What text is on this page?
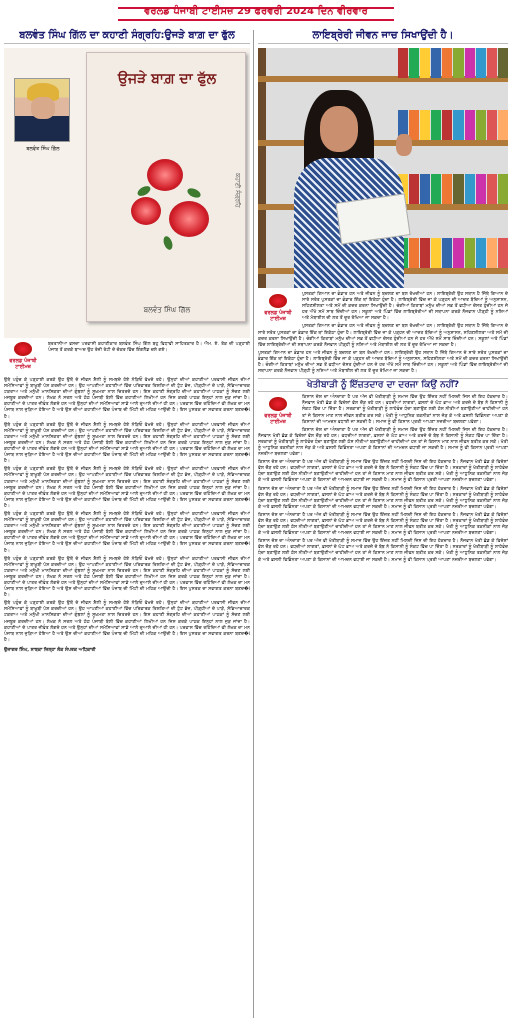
ਵਰਲਡ ਪੰਜਾਬੀ ਟਾਈਮਜ਼ 29 ਫਰਵਰੀ 2024 ਦਿਨ ਵੀਰਵਾਰ
ਬਲਵੰਤ ਸਿੰਘ ਗਿੱਲ ਦਾ ਕਹਾਣੀ ਸੰਗ੍ਰਹਿ:ਉਜੜੇ ਬਾਗ਼ ਦਾ ਫੁੱਲ
ਬਲਵੰਤ ਸਿੰਘ ਗਿੱਲ
ਉਜੜੇ ਬਾਗ਼ ਦਾ ਫੁੱਲ
ਕਹਾਣੀ ਸੰਗ੍ਰਹਿ
ਬਲਵੰਤ ਸਿੰਘ ਗਿੱਲ
ਵਰਲਡ ਪੰਜਾਬੀ ਟਾਈਮਜ਼

ਬਰਤਾਨੀਆ ਵਸਦਾ ਪਰਵਾਸੀ ਕਹਾਣੀਕਾਰ ਬਲਵੰਤ ਸਿੰਘ ਗਿੱਲ ਬਹੁ ਵਿਧਾਵੀ ਸਾਹਿਤਕਾਰ ਹੈ। ਐਮ. ਏ. ਤੱਕ ਦੀ ਪੜ੍ਹਾਈ ਪੰਜਾਬ ਤੋਂ ਕਰਕੇ ਬਾਅਦ ਉਹ ਰੋਜ਼ੀ ਰੋਟੀ ਦੇ ਚੱਕਰ ਵਿੱਚ ਇੰਗਲੈਂਡ ਚਲੇ ਗਏ।

ਉਥੇ ਪਹੁੰਚ ਕੇ ਪੜ੍ਹਾਈ ਕਰਕੇ ਉਹ ਉਥੋਂ ਦੇ ਜੀਵਨ ਸ਼ੈਲੀ ਨੂੰ ਸਮਝਦੇ ਹੋਏ ਨੇੜਿਓਂ ਵੇਖਦੇ ਰਹੇ। ਉਨ੍ਹਾਂ ਦੀਆਂ ਕਹਾਣੀਆਂ ਪਰਵਾਸੀ ਜੀਵਨ ਦੀਆਂ ਸਮੱਸਿਆਵਾਂ ਨੂੰ ਬਾਖ਼ੂਬੀ ਪੇਸ਼ ਕਰਦੀਆਂ ਹਨ। ਉਹ ਆਪਣੀਆਂ ਕਹਾਣੀਆਂ ਵਿੱਚ ਪਰਿਵਾਰਕ ਰਿਸ਼ਤਿਆਂ ਦੀ ਟੁੱਟ ਭੱਜ, ਪੀੜ੍ਹੀਆਂ ਦੇ ਪਾੜੇ, ਸੱਭਿਆਚਾਰਕ ਟਕਰਾਅ ਅਤੇ ਮਨੁੱਖੀ ਮਾਨਸਿਕਤਾ ਦੀਆਂ ਗੁੰਝਲਾਂ ਨੂੰ ਸੂਖ਼ਮਤਾ ਨਾਲ ਚਿਤਰਦੇ ਹਨ। ਇਸ ਕਹਾਣੀ ਸੰਗ੍ਰਹਿ ਦੀਆਂ ਕਹਾਣੀਆਂ ਪਾਠਕਾਂ ਨੂੰ ਸੋਚਣ ਲਈ ਮਜਬੂਰ ਕਰਦੀਆਂ ਹਨ। ਲੇਖਕ ਨੇ ਸਰਲ ਅਤੇ ਠੇਠ ਪੰਜਾਬੀ ਬੋਲੀ ਵਿੱਚ ਕਹਾਣੀਆਂ ਲਿਖੀਆਂ ਹਨ ਜਿਸ ਕਰਕੇ ਪਾਠਕ ਇਨ੍ਹਾਂ ਨਾਲ ਜੁੜ ਜਾਂਦਾ ਹੈ। ਕਹਾਣੀਆਂ ਦੇ ਪਾਤਰ ਜੀਵੰਤ ਲੱਗਦੇ ਹਨ ਅਤੇ ਉਨ੍ਹਾਂ ਦੀਆਂ ਸਮੱਸਿਆਵਾਂ ਸਾਡੇ ਆਲੇ ਦੁਆਲੇ ਦੀਆਂ ਹੀ ਹਨ। ਪਰਵਾਸ ਵਿੱਚ ਰਹਿੰਦਿਆਂ ਵੀ ਲੇਖਕ ਦਾ ਮਨ ਪੰਜਾਬ ਨਾਲ ਜੁੜਿਆ ਹੋਇਆ ਹੈ ਅਤੇ ਉਸ ਦੀਆਂ ਕਹਾਣੀਆਂ ਵਿੱਚ ਪੰਜਾਬ ਦੀ ਮਿੱਟੀ ਦੀ ਮਹਿਕ ਆਉਂਦੀ ਹੈ। ਇਸ ਪੁਸਤਕ ਦਾ ਸਵਾਗਤ ਕਰਨਾ ਬਣਦ�ا ਹੈ।

ਉਥੇ ਪਹੁੰਚ ਕੇ ਪੜ੍ਹਾਈ ਕਰਕੇ ਉਹ ਉਥੋਂ ਦੇ ਜੀਵਨ ਸ਼ੈਲੀ ਨੂੰ ਸਮਝਦੇ ਹੋਏ ਨੇੜਿਓਂ ਵੇਖਦੇ ਰਹੇ। ਉਨ੍ਹਾਂ ਦੀਆਂ ਕਹਾਣੀਆਂ ਪਰਵਾਸੀ ਜੀਵਨ ਦੀਆਂ ਸਮੱਸਿਆਵਾਂ ਨੂੰ ਬਾਖ਼ੂਬੀ ਪੇਸ਼ ਕਰਦੀਆਂ ਹਨ। ਉਹ ਆਪਣੀਆਂ ਕਹਾਣੀਆਂ ਵਿੱਚ ਪਰਿਵਾਰਕ ਰਿਸ਼ਤਿਆਂ ਦੀ ਟੁੱਟ ਭੱਜ, ਪੀੜ੍ਹੀਆਂ ਦੇ ਪਾੜੇ, ਸੱਭਿਆਚਾਰਕ ਟਕਰਾਅ ਅਤੇ ਮਨੁੱਖੀ ਮਾਨਸਿਕਤਾ ਦੀਆਂ ਗੁੰਝਲਾਂ ਨੂੰ ਸੂਖ਼ਮਤਾ ਨਾਲ ਚਿਤਰਦੇ ਹਨ। ਇਸ ਕਹਾਣੀ ਸੰਗ੍ਰਹਿ ਦੀਆਂ ਕਹਾਣੀਆਂ ਪਾਠਕਾਂ ਨੂੰ ਸੋਚਣ ਲਈ ਮਜਬੂਰ ਕਰਦੀਆਂ ਹਨ। ਲੇਖਕ ਨੇ ਸਰਲ ਅਤੇ ਠੇਠ ਪੰਜਾਬੀ ਬੋਲੀ ਵਿੱਚ ਕਹਾਣੀਆਂ ਲਿਖੀਆਂ ਹਨ ਜਿਸ ਕਰਕੇ ਪਾਠਕ ਇਨ੍ਹਾਂ ਨਾਲ ਜੁੜ ਜਾਂਦਾ ਹੈ। ਕਹਾਣੀਆਂ ਦੇ ਪਾਤਰ ਜੀਵੰਤ ਲੱਗਦੇ ਹਨ ਅਤੇ ਉਨ੍ਹਾਂ ਦੀਆਂ ਸਮੱਸਿਆਵਾਂ ਸਾਡੇ ਆਲੇ ਦੁਆਲੇ ਦੀਆਂ ਹੀ ਹਨ। ਪਰਵਾਸ ਵਿੱਚ ਰਹਿੰਦਿਆਂ ਵੀ ਲੇਖਕ ਦਾ ਮਨ ਪੰਜਾਬ ਨਾਲ ਜੁੜਿਆ ਹੋਇਆ ਹੈ ਅਤੇ ਉਸ ਦੀਆਂ ਕਹਾਣੀਆਂ ਵਿੱਚ ਪੰਜਾਬ ਦੀ ਮਿੱਟੀ ਦੀ ਮਹਿਕ ਆਉਂਦੀ ਹੈ। ਇਸ ਪੁਸਤਕ ਦਾ ਸਵਾਗਤ ਕਰਨਾ ਬਣਦ�ا ਹੈ।

ਉਥੇ ਪਹੁੰਚ ਕੇ ਪੜ੍ਹਾਈ ਕਰਕੇ ਉਹ ਉਥੋਂ ਦੇ ਜੀਵਨ ਸ਼ੈਲੀ ਨੂੰ ਸਮਝਦੇ ਹੋਏ ਨੇੜਿਓਂ ਵੇਖਦੇ ਰਹੇ। ਉਨ੍ਹਾਂ ਦੀਆਂ ਕਹਾਣੀਆਂ ਪਰਵਾਸੀ ਜੀਵਨ ਦੀਆਂ ਸਮੱਸਿਆਵਾਂ ਨੂੰ ਬਾਖ਼ੂਬੀ ਪੇਸ਼ ਕਰਦੀਆਂ ਹਨ। ਉਹ ਆਪਣੀਆਂ ਕਹਾਣੀਆਂ ਵਿੱਚ ਪਰਿਵਾਰਕ ਰਿਸ਼ਤਿਆਂ ਦੀ ਟੁੱਟ ਭੱਜ, ਪੀੜ੍ਹੀਆਂ ਦੇ ਪਾੜੇ, ਸੱਭਿਆਚਾਰਕ ਟਕਰਾਅ ਅਤੇ ਮਨੁੱਖੀ ਮਾਨਸਿਕਤਾ ਦੀਆਂ ਗੁੰਝਲਾਂ ਨੂੰ ਸੂਖ਼ਮਤਾ ਨਾਲ ਚਿਤਰਦੇ ਹਨ। ਇਸ ਕਹਾਣੀ ਸੰਗ੍ਰਹਿ ਦੀਆਂ ਕਹਾਣੀਆਂ ਪਾਠਕਾਂ ਨੂੰ ਸੋਚਣ ਲਈ ਮਜਬੂਰ ਕਰਦੀਆਂ ਹਨ। ਲੇਖਕ ਨੇ ਸਰਲ ਅਤੇ ਠੇਠ ਪੰਜਾਬੀ ਬੋਲੀ ਵਿੱਚ ਕਹਾਣੀਆਂ ਲਿਖੀਆਂ ਹਨ ਜਿਸ ਕਰਕੇ ਪਾਠਕ ਇਨ੍ਹਾਂ ਨਾਲ ਜੁੜ ਜਾਂਦਾ ਹੈ। ਕਹਾਣੀਆਂ ਦੇ ਪਾਤਰ ਜੀਵੰਤ ਲੱਗਦੇ ਹਨ ਅਤੇ ਉਨ੍ਹਾਂ ਦੀਆਂ ਸਮੱਸਿਆਵਾਂ ਸਾਡੇ ਆਲੇ ਦੁਆਲੇ ਦੀਆਂ ਹੀ ਹਨ। ਪਰਵਾਸ ਵਿੱਚ ਰਹਿੰਦਿਆਂ ਵੀ ਲੇਖਕ ਦਾ ਮਨ ਪੰਜਾਬ ਨਾਲ ਜੁੜਿਆ ਹੋਇਆ ਹੈ ਅਤੇ ਉਸ ਦੀਆਂ ਕਹਾਣੀਆਂ ਵਿੱਚ ਪੰਜਾਬ ਦੀ ਮਿੱਟੀ ਦੀ ਮਹਿਕ ਆਉਂਦੀ ਹੈ। ਇਸ ਪੁਸਤਕ ਦਾ ਸਵਾਗਤ ਕਰਨਾ ਬਣਦ�ا ਹੈ।

ਉਥੇ ਪਹੁੰਚ ਕੇ ਪੜ੍ਹਾਈ ਕਰਕੇ ਉਹ ਉਥੋਂ ਦੇ ਜੀਵਨ ਸ਼ੈਲੀ ਨੂੰ ਸਮਝਦੇ ਹੋਏ ਨੇੜਿਓਂ ਵੇਖਦੇ ਰਹੇ। ਉਨ੍ਹਾਂ ਦੀਆਂ ਕਹਾਣੀਆਂ ਪਰਵਾਸੀ ਜੀਵਨ ਦੀਆਂ ਸਮੱਸਿਆਵਾਂ ਨੂੰ ਬਾਖ਼ੂਬੀ ਪੇਸ਼ ਕਰਦੀਆਂ ਹਨ। ਉਹ ਆਪਣੀਆਂ ਕਹਾਣੀਆਂ ਵਿੱਚ ਪਰਿਵਾਰਕ ਰਿਸ਼ਤਿਆਂ ਦੀ ਟੁੱਟ ਭੱਜ, ਪੀੜ੍ਹੀਆਂ ਦੇ ਪਾੜੇ, ਸੱਭਿਆਚਾਰਕ ਟਕਰਾਅ ਅਤੇ ਮਨੁੱਖੀ ਮਾਨਸਿਕਤਾ ਦੀਆਂ ਗੁੰਝਲਾਂ ਨੂੰ ਸੂਖ਼ਮਤਾ ਨਾਲ ਚਿਤਰਦੇ ਹਨ। ਇਸ ਕਹਾਣੀ ਸੰਗ੍ਰਹਿ ਦੀਆਂ ਕਹਾਣੀਆਂ ਪਾਠਕਾਂ ਨੂੰ ਸੋਚਣ ਲਈ ਮਜਬੂਰ ਕਰਦੀਆਂ ਹਨ। ਲੇਖਕ ਨੇ ਸਰਲ ਅਤੇ ਠੇਠ ਪੰਜਾਬੀ ਬੋਲੀ ਵਿੱਚ ਕਹਾਣੀਆਂ ਲਿਖੀਆਂ ਹਨ ਜਿਸ ਕਰਕੇ ਪਾਠਕ ਇਨ੍ਹਾਂ ਨਾਲ ਜੁੜ ਜਾਂਦਾ ਹੈ। ਕਹਾਣੀਆਂ ਦੇ ਪਾਤਰ ਜੀਵੰਤ ਲੱਗਦੇ ਹਨ ਅਤੇ ਉਨ੍ਹਾਂ ਦੀਆਂ ਸਮੱਸਿਆਵਾਂ ਸਾਡੇ ਆਲੇ ਦੁਆਲੇ ਦੀਆਂ ਹੀ ਹਨ। ਪਰਵਾਸ ਵਿੱਚ ਰਹਿੰਦਿਆਂ ਵੀ ਲੇਖਕ ਦਾ ਮਨ ਪੰਜਾਬ ਨਾਲ ਜੁੜਿਆ ਹੋਇਆ ਹੈ ਅਤੇ ਉਸ ਦੀਆਂ ਕਹਾਣੀਆਂ ਵਿੱਚ ਪੰਜਾਬ ਦੀ ਮਿੱਟੀ ਦੀ ਮਹਿਕ ਆਉਂਦੀ ਹੈ। ਇਸ ਪੁਸਤਕ ਦਾ ਸਵਾਗਤ ਕਰਨਾ ਬਣਦ�ا ਹੈ।

ਉਥੇ ਪਹੁੰਚ ਕੇ ਪੜ੍ਹਾਈ ਕਰਕੇ ਉਹ ਉਥੋਂ ਦੇ ਜੀਵਨ ਸ਼ੈਲੀ ਨੂੰ ਸਮਝਦੇ ਹੋਏ ਨੇੜਿਓਂ ਵੇਖਦੇ ਰਹੇ। ਉਨ੍ਹਾਂ ਦੀਆਂ ਕਹਾਣੀਆਂ ਪਰਵਾਸੀ ਜੀਵਨ ਦੀਆਂ ਸਮੱਸਿਆਵਾਂ ਨੂੰ ਬਾਖ਼ੂਬੀ ਪੇਸ਼ ਕਰਦੀਆਂ ਹਨ। ਉਹ ਆਪਣੀਆਂ ਕਹਾਣੀਆਂ ਵਿੱਚ ਪਰਿਵਾਰਕ ਰਿਸ਼ਤਿਆਂ ਦੀ ਟੁੱਟ ਭੱਜ, ਪੀੜ੍ਹੀਆਂ ਦੇ ਪਾੜੇ, ਸੱਭਿਆਚਾਰਕ ਟਕਰਾਅ ਅਤੇ ਮਨੁੱਖੀ ਮਾਨਸਿਕਤਾ ਦੀਆਂ ਗੁੰਝਲਾਂ ਨੂੰ ਸੂਖ਼ਮਤਾ ਨਾਲ ਚਿਤਰਦੇ ਹਨ। ਇਸ ਕਹਾਣੀ ਸੰਗ੍ਰਹਿ ਦੀਆਂ ਕਹਾਣੀਆਂ ਪਾਠਕਾਂ ਨੂੰ ਸੋਚਣ ਲਈ ਮਜਬੂਰ ਕਰਦੀਆਂ ਹਨ। ਲੇਖਕ ਨੇ ਸਰਲ ਅਤੇ ਠੇਠ ਪੰਜਾਬੀ ਬੋਲੀ ਵਿੱਚ ਕਹਾਣੀਆਂ ਲਿਖੀਆਂ ਹਨ ਜਿਸ ਕਰਕੇ ਪਾਠਕ ਇਨ੍ਹਾਂ ਨਾਲ ਜੁੜ ਜਾਂਦਾ ਹੈ। ਕਹਾਣੀਆਂ ਦੇ ਪਾਤਰ ਜੀਵੰਤ ਲੱਗਦੇ ਹਨ ਅਤੇ ਉਨ੍ਹਾਂ ਦੀਆਂ ਸਮੱਸਿਆਵਾਂ ਸਾਡੇ ਆਲੇ ਦੁਆਲੇ ਦੀਆਂ ਹੀ ਹਨ। ਪਰਵਾਸ ਵਿੱਚ ਰਹਿੰਦਿਆਂ ਵੀ ਲੇਖਕ ਦਾ ਮਨ ਪੰਜਾਬ ਨਾਲ ਜੁੜਿਆ ਹੋਇਆ ਹੈ ਅਤੇ ਉਸ ਦੀਆਂ ਕਹਾਣੀਆਂ ਵਿੱਚ ਪੰਜਾਬ ਦੀ ਮਿੱਟੀ ਦੀ ਮਹਿਕ ਆਉਂਦੀ ਹੈ। ਇਸ ਪੁਸਤਕ ਦਾ ਸਵਾਗਤ ਕਰਨਾ ਬਣਦ�ا ਹੈ।

ਉਥੇ ਪਹੁੰਚ ਕੇ ਪੜ੍ਹਾਈ ਕਰਕੇ ਉਹ ਉਥੋਂ ਦੇ ਜੀਵਨ ਸ਼ੈਲੀ ਨੂੰ ਸਮਝਦੇ ਹੋਏ ਨੇੜਿਓਂ ਵੇਖਦੇ ਰਹੇ। ਉਨ੍ਹਾਂ ਦੀਆਂ ਕਹਾਣੀਆਂ ਪਰਵਾਸੀ ਜੀਵਨ ਦੀਆਂ ਸਮੱਸਿਆਵਾਂ ਨੂੰ ਬਾਖ਼ੂਬੀ ਪੇਸ਼ ਕਰਦੀਆਂ ਹਨ। ਉਹ ਆਪਣੀਆਂ ਕਹਾਣੀਆਂ ਵਿੱਚ ਪਰਿਵਾਰਕ ਰਿਸ਼ਤਿਆਂ ਦੀ ਟੁੱਟ ਭੱਜ, ਪੀੜ੍ਹੀਆਂ ਦੇ ਪਾੜੇ, ਸੱਭਿਆਚਾਰਕ ਟਕਰਾਅ ਅਤੇ ਮਨੁੱਖੀ ਮਾਨਸਿਕਤਾ ਦੀਆਂ ਗੁੰਝਲਾਂ ਨੂੰ ਸੂਖ਼ਮਤਾ ਨਾਲ ਚਿਤਰਦੇ ਹਨ। ਇਸ ਕਹਾਣੀ ਸੰਗ੍ਰਹਿ ਦੀਆਂ ਕਹਾਣੀਆਂ ਪਾਠਕਾਂ ਨੂੰ ਸੋਚਣ ਲਈ ਮਜਬੂਰ ਕਰਦੀਆਂ ਹਨ। ਲੇਖਕ ਨੇ ਸਰਲ ਅਤੇ ਠੇਠ ਪੰਜਾਬੀ ਬੋਲੀ ਵਿੱਚ ਕਹਾਣੀਆਂ ਲਿਖੀਆਂ ਹਨ ਜਿਸ ਕਰਕੇ ਪਾਠਕ ਇਨ੍ਹਾਂ ਨਾਲ ਜੁੜ ਜਾਂਦਾ ਹੈ। ਕਹਾਣੀਆਂ ਦੇ ਪਾਤਰ ਜੀਵੰਤ ਲੱਗਦੇ ਹਨ ਅਤੇ ਉਨ੍ਹਾਂ ਦੀਆਂ ਸਮੱਸਿਆਵਾਂ ਸਾਡੇ ਆਲੇ ਦੁਆਲੇ ਦੀਆਂ ਹੀ ਹਨ। ਪਰਵਾਸ ਵਿੱਚ ਰਹਿੰਦਿਆਂ ਵੀ ਲੇਖਕ ਦਾ ਮਨ ਪੰਜਾਬ ਨਾਲ ਜੁੜਿਆ ਹੋਇਆ ਹੈ ਅਤੇ ਉਸ ਦੀਆਂ ਕਹਾਣੀਆਂ ਵਿੱਚ ਪੰਜਾਬ ਦੀ ਮਿੱਟੀ ਦੀ ਮਹਿਕ ਆਉਂਦੀ ਹੈ। ਇਸ ਪੁਸਤਕ ਦਾ ਸਵਾਗਤ ਕਰਨਾ ਬਣਦ�ا ਹੈ।

ਉਜਾਗਰ ਸਿੰਘ, ਸਾਬਕਾ ਜਿਲ੍ਹਾ ਲੋਕ ਸੰਪਰਕ ਅਧਿਕਾਰੀ

ਲਾਇਬ੍ਰੇਰੀ ਜੀਵਨ ਜਾਚ ਸਿਖਾਉਂਦੀ ਹੈ।
ਵਰਲਡ ਪੰਜਾਬੀ ਟਾਈਮਜ਼

ਪੁਸਤਕਾਂ ਗਿਆਨ ਦਾ ਭੰਡਾਰ ਹਨ ਅਤੇ ਜੀਵਨ ਨੂੰ ਬਦਲਣ ਦਾ ਬਲ ਰੱਖਦੀਆਂ ਹਨ। ਲਾਇਬ੍ਰੇਰੀ ਉਹ ਸਥਾਨ ਹੈ ਜਿੱਥੇ ਗਿਆਨ ਦੇ ਸਾਰੇ ਸਰੋਤ ਪੁਸਤਕਾਂ ਦਾ ਭੰਡਾਰ ਇੱਕ ਥਾਂ ਇਕੱਠਾ ਹੁੰਦਾ ਹੈ। ਲਾਇਬ੍ਰੇਰੀ ਵਿੱਚ ਜਾ ਕੇ ਪੜ੍ਹਨ ਦੀ ਆਦਤ ਬੱਚਿਆਂ ਨੂੰ ਅਨੁਸ਼ਾਸਨ, ਸਹਿਣਸ਼ੀਲਤਾ ਅਤੇ ਸਮੇਂ ਦੀ ਕਦਰ ਕਰਨਾ ਸਿਖਾਉਂਦੀ ਹੈ। ਚੰਗੀਆਂ ਕਿਤਾਬਾਂ ਮਨੁੱਖ ਦੀਆਂ ਸਭ ਤੋਂ ਵਧੀਆ ਦੋਸਤ ਹੁੰਦੀਆਂ ਹਨ ਜੋ ਹਰ ਔਖੇ ਸਮੇਂ ਸਾਥ ਦਿੰਦੀਆਂ ਹਨ। ਸਕੂਲਾਂ ਅਤੇ ਪਿੰਡਾਂ ਵਿੱਚ ਲਾਇਬ੍ਰੇਰੀਆਂ ਦੀ ਸਥਾਪਨਾ ਕਰਕੇ ਨੌਜਵਾਨ ਪੀੜ੍ਹੀ ਨੂੰ ਨਸ਼ਿਆਂ ਅਤੇ ਮੋਬਾਈਲ ਦੀ ਲਤ ਤੋਂ ਦੂਰ ਰੱਖਿਆ ਜਾ ਸਕਦਾ ਹੈ।

ਪੁਸਤਕਾਂ ਗਿਆਨ ਦਾ ਭੰਡਾਰ ਹਨ ਅਤੇ ਜੀਵਨ ਨੂੰ ਬਦਲਣ ਦਾ ਬਲ ਰੱਖਦੀਆਂ ਹਨ। ਲਾਇਬ੍ਰੇਰੀ ਉਹ ਸਥਾਨ ਹੈ ਜਿੱਥੇ ਗਿਆਨ ਦੇ ਸਾਰੇ ਸਰੋਤ ਪੁਸਤਕਾਂ ਦਾ ਭੰਡਾਰ ਇੱਕ ਥਾਂ ਇਕੱਠਾ ਹੁੰਦਾ ਹੈ। ਲਾਇਬ੍ਰੇਰੀ ਵਿੱਚ ਜਾ ਕੇ ਪੜ੍ਹਨ ਦੀ ਆਦਤ ਬੱਚਿਆਂ ਨੂੰ ਅਨੁਸ਼ਾਸਨ, ਸਹਿਣਸ਼ੀਲਤਾ ਅਤੇ ਸਮੇਂ ਦੀ ਕਦਰ ਕਰਨਾ ਸਿਖਾਉਂਦੀ ਹੈ। ਚੰਗੀਆਂ ਕਿਤਾਬਾਂ ਮਨੁੱਖ ਦੀਆਂ ਸਭ ਤੋਂ ਵਧੀਆ ਦੋਸਤ ਹੁੰਦੀਆਂ ਹਨ ਜੋ ਹਰ ਔਖੇ ਸਮੇਂ ਸਾਥ ਦਿੰਦੀਆਂ ਹਨ। ਸਕੂਲਾਂ ਅਤੇ ਪਿੰਡਾਂ ਵਿੱਚ ਲਾਇਬ੍ਰੇਰੀਆਂ ਦੀ ਸਥਾਪਨਾ ਕਰਕੇ ਨੌਜਵਾਨ ਪੀੜ੍ਹੀ ਨੂੰ ਨਸ਼ਿਆਂ ਅਤੇ ਮੋਬਾਈਲ ਦੀ ਲਤ ਤੋਂ ਦੂਰ ਰੱਖਿਆ ਜਾ ਸਕਦਾ ਹੈ।

ਪੁਸਤਕਾਂ ਗਿਆਨ ਦਾ ਭੰਡਾਰ ਹਨ ਅਤੇ ਜੀਵਨ ਨੂੰ ਬਦਲਣ ਦਾ ਬਲ ਰੱਖਦੀਆਂ ਹਨ। ਲਾਇਬ੍ਰੇਰੀ ਉਹ ਸਥਾਨ ਹੈ ਜਿੱਥੇ ਗਿਆਨ ਦੇ ਸਾਰੇ ਸਰੋਤ ਪੁਸਤਕਾਂ ਦਾ ਭੰਡਾਰ ਇੱਕ ਥਾਂ ਇਕੱਠਾ ਹੁੰਦਾ ਹੈ। ਲਾਇਬ੍ਰੇਰੀ ਵਿੱਚ ਜਾ ਕੇ ਪੜ੍ਹਨ ਦੀ ਆਦਤ ਬੱਚਿਆਂ ਨੂੰ ਅਨੁਸ਼ਾਸਨ, ਸਹਿਣਸ਼ੀਲਤਾ ਅਤੇ ਸਮੇਂ ਦੀ ਕਦਰ ਕਰਨਾ ਸਿਖਾਉਂਦੀ ਹੈ। ਚੰਗੀਆਂ ਕਿਤਾਬਾਂ ਮਨੁੱਖ ਦੀਆਂ ਸਭ ਤੋਂ ਵਧੀਆ ਦੋਸਤ ਹੁੰਦੀਆਂ ਹਨ ਜੋ ਹਰ ਔਖੇ ਸਮੇਂ ਸਾਥ ਦਿੰਦੀਆਂ ਹਨ। ਸਕੂਲਾਂ ਅਤੇ ਪਿੰਡਾਂ ਵਿੱਚ ਲਾਇਬ੍ਰੇਰੀਆਂ ਦੀ ਸਥਾਪਨਾ ਕਰਕੇ ਨੌਜਵਾਨ ਪੀੜ੍ਹੀ ਨੂੰ ਨਸ਼ਿਆਂ ਅਤੇ ਮੋਬਾਈਲ ਦੀ ਲਤ ਤੋਂ ਦੂਰ ਰੱਖਿਆ ਜਾ ਸਕਦਾ ਹੈ।

ਖੇਤੀਬਾੜੀ ਨੂੰ ਇੱਜ਼ਤਦਾਰ ਦਾ ਦਰਜਾ ਕਿਉਂ ਨਹੀਂ?
ਵਰਲਡ ਪੰਜਾਬੀ ਟਾਈਮਜ਼

ਕਿਸਾਨ ਦੇਸ਼ ਦਾ ਅੰਨਦਾਤਾ ਹੈ ਪਰ ਅੱਜ ਵੀ ਖੇਤੀਬਾੜੀ ਨੂੰ ਸਮਾਜ ਵਿੱਚ ਉਹ ਇੱਜ਼ਤ ਨਹੀਂ ਮਿਲਦੀ ਜਿਸ ਦੀ ਇਹ ਹੱਕਦਾਰ ਹੈ। ਨੌਜਵਾਨ ਖੇਤੀ ਛੱਡ ਕੇ ਵਿਦੇਸ਼ਾਂ ਵੱਲ ਦੌੜ ਰਹੇ ਹਨ। ਵਧਦੀਆਂ ਲਾਗਤਾਂ, ਫ਼ਸਲਾਂ ਦੇ ਘੱਟ ਭਾਅ ਅਤੇ ਕਰਜ਼ੇ ਦੇ ਬੋਝ ਨੇ ਕਿਸਾਨੀ ਨੂੰ ਸੰਕਟ ਵਿੱਚ ਪਾ ਦਿੱਤਾ ਹੈ। ਸਰਕਾਰਾਂ ਨੂੰ ਖੇਤੀਬਾੜੀ ਨੂੰ ਲਾਹੇਵੰਦ ਧੰਦਾ ਬਣਾਉਣ ਲਈ ਠੋਸ ਨੀਤੀਆਂ ਬਣਾਉਣੀਆਂ ਚਾਹੀਦੀਆਂ ਹਨ ਤਾਂ ਜੋ ਕਿਸਾਨ ਮਾਣ ਨਾਲ ਜੀਵਨ ਬਤੀਤ ਕਰ ਸਕੇ। ਖੇਤੀ ਨੂੰ ਆਧੁਨਿਕ ਤਕਨੀਕਾਂ ਨਾਲ ਜੋੜ ਕੇ ਅਤੇ ਫ਼ਸਲੀ ਵਿਭਿੰਨਤਾ ਅਪਣਾ ਕੇ ਕਿਸਾਨਾਂ ਦੀ ਆਮਦਨ ਵਧਾਈ ਜਾ ਸਕਦੀ ਹੈ। ਸਮਾਜ ਨੂੰ ਵੀ ਕਿਸਾਨ ਪ੍ਰਤੀ ਆਪਣਾ ਨਜ਼ਰੀਆ ਬਦਲਣਾ ਪਵੇਗਾ।

ਕਿਸਾਨ ਦੇਸ਼ ਦਾ ਅੰਨਦਾਤਾ ਹੈ ਪਰ ਅੱਜ ਵੀ ਖੇਤੀਬਾੜੀ ਨੂੰ ਸਮਾਜ ਵਿੱਚ ਉਹ ਇੱਜ਼ਤ ਨਹੀਂ ਮਿਲਦੀ ਜਿਸ ਦੀ ਇਹ ਹੱਕਦਾਰ ਹੈ। ਨੌਜਵਾਨ ਖੇਤੀ ਛੱਡ ਕੇ ਵਿਦੇਸ਼ਾਂ ਵੱਲ ਦੌੜ ਰਹੇ ਹਨ। ਵਧਦੀਆਂ ਲਾਗਤਾਂ, ਫ਼ਸਲਾਂ ਦੇ ਘੱਟ ਭਾਅ ਅਤੇ ਕਰਜ਼ੇ ਦੇ ਬੋਝ ਨੇ ਕਿਸਾਨੀ ਨੂੰ ਸੰਕਟ ਵਿੱਚ ਪਾ ਦਿੱਤਾ ਹੈ। ਸਰਕਾਰਾਂ ਨੂੰ ਖੇਤੀਬਾੜੀ ਨੂੰ ਲਾਹੇਵੰਦ ਧੰਦਾ ਬਣਾਉਣ ਲਈ ਠੋਸ ਨੀਤੀਆਂ ਬਣਾਉਣੀਆਂ ਚਾਹੀਦੀਆਂ ਹਨ ਤਾਂ ਜੋ ਕਿਸਾਨ ਮਾਣ ਨਾਲ ਜੀਵਨ ਬਤੀਤ ਕਰ ਸਕੇ। ਖੇਤੀ ਨੂੰ ਆਧੁਨਿਕ ਤਕਨੀਕਾਂ ਨਾਲ ਜੋੜ ਕੇ ਅਤੇ ਫ਼ਸਲੀ ਵਿਭਿੰਨਤਾ ਅਪਣਾ ਕੇ ਕਿਸਾਨਾਂ ਦੀ ਆਮਦਨ ਵਧਾਈ ਜਾ ਸਕਦੀ ਹੈ। ਸਮਾਜ ਨੂੰ ਵੀ ਕਿਸਾਨ ਪ੍ਰਤੀ ਆਪਣਾ ਨਜ਼ਰੀਆ ਬਦਲਣਾ ਪਵੇਗਾ।

ਕਿਸਾਨ ਦੇਸ਼ ਦਾ ਅੰਨਦਾਤਾ ਹੈ ਪਰ ਅੱਜ ਵੀ ਖੇਤੀਬਾੜੀ ਨੂੰ ਸਮਾਜ ਵਿੱਚ ਉਹ ਇੱਜ਼ਤ ਨਹੀਂ ਮਿਲਦੀ ਜਿਸ ਦੀ ਇਹ ਹੱਕਦਾਰ ਹੈ। ਨੌਜਵਾਨ ਖੇਤੀ ਛੱਡ ਕੇ ਵਿਦੇਸ਼ਾਂ ਵੱਲ ਦੌੜ ਰਹੇ ਹਨ। ਵਧਦੀਆਂ ਲਾਗਤਾਂ, ਫ਼ਸਲਾਂ ਦੇ ਘੱਟ ਭਾਅ ਅਤੇ ਕਰਜ਼ੇ ਦੇ ਬੋਝ ਨੇ ਕਿਸਾਨੀ ਨੂੰ ਸੰਕਟ ਵਿੱਚ ਪਾ ਦਿੱਤਾ ਹੈ। ਸਰਕਾਰਾਂ ਨੂੰ ਖੇਤੀਬਾੜੀ ਨੂੰ ਲਾਹੇਵੰਦ ਧੰਦਾ ਬਣਾਉਣ ਲਈ ਠੋਸ ਨੀਤੀਆਂ ਬਣਾਉਣੀਆਂ ਚਾਹੀਦੀਆਂ ਹਨ ਤਾਂ ਜੋ ਕਿਸਾਨ ਮਾਣ ਨਾਲ ਜੀਵਨ ਬਤੀਤ ਕਰ ਸਕੇ। ਖੇਤੀ ਨੂੰ ਆਧੁਨਿਕ ਤਕਨੀਕਾਂ ਨਾਲ ਜੋੜ ਕੇ ਅਤੇ ਫ਼ਸਲੀ ਵਿਭਿੰਨਤਾ ਅਪਣਾ ਕੇ ਕਿਸਾਨਾਂ ਦੀ ਆਮਦਨ ਵਧਾਈ ਜਾ ਸਕਦੀ ਹੈ। ਸਮਾਜ ਨੂੰ ਵੀ ਕਿਸਾਨ ਪ੍ਰਤੀ ਆਪਣਾ ਨਜ਼ਰੀਆ ਬਦਲਣਾ ਪਵੇਗਾ।

ਕਿਸਾਨ ਦੇਸ਼ ਦਾ ਅੰਨਦਾਤਾ ਹੈ ਪਰ ਅੱਜ ਵੀ ਖੇਤੀਬਾੜੀ ਨੂੰ ਸਮਾਜ ਵਿੱਚ ਉਹ ਇੱਜ਼ਤ ਨਹੀਂ ਮਿਲਦੀ ਜਿਸ ਦੀ ਇਹ ਹੱਕਦਾਰ ਹੈ। ਨੌਜਵਾਨ ਖੇਤੀ ਛੱਡ ਕੇ ਵਿਦੇਸ਼ਾਂ ਵੱਲ ਦੌੜ ਰਹੇ ਹਨ। ਵਧਦੀਆਂ ਲਾਗਤਾਂ, ਫ਼ਸਲਾਂ ਦੇ ਘੱਟ ਭਾਅ ਅਤੇ ਕਰਜ਼ੇ ਦੇ ਬੋਝ ਨੇ ਕਿਸਾਨੀ ਨੂੰ ਸੰਕਟ ਵਿੱਚ ਪਾ ਦਿੱਤਾ ਹੈ। ਸਰਕਾਰਾਂ ਨੂੰ ਖੇਤੀਬਾੜੀ ਨੂੰ ਲਾਹੇਵੰਦ ਧੰਦਾ ਬਣਾਉਣ ਲਈ ਠੋਸ ਨੀਤੀਆਂ ਬਣਾਉਣੀਆਂ ਚਾਹੀਦੀਆਂ ਹਨ ਤਾਂ ਜੋ ਕਿਸਾਨ ਮਾਣ ਨਾਲ ਜੀਵਨ ਬਤੀਤ ਕਰ ਸਕੇ। ਖੇਤੀ ਨੂੰ ਆਧੁਨਿਕ ਤਕਨੀਕਾਂ ਨਾਲ ਜੋੜ ਕੇ ਅਤੇ ਫ਼ਸਲੀ ਵਿਭਿੰਨਤਾ ਅਪਣਾ ਕੇ ਕਿਸਾਨਾਂ ਦੀ ਆਮਦਨ ਵਧਾਈ ਜਾ ਸਕਦੀ ਹੈ। ਸਮਾਜ ਨੂੰ ਵੀ ਕਿਸਾਨ ਪ੍ਰਤੀ ਆਪਣਾ ਨਜ਼ਰੀਆ ਬਦਲਣਾ ਪਵੇਗਾ।

ਕਿਸਾਨ ਦੇਸ਼ ਦਾ ਅੰਨਦਾਤਾ ਹੈ ਪਰ ਅੱਜ ਵੀ ਖੇਤੀਬਾੜੀ ਨੂੰ ਸਮਾਜ ਵਿੱਚ ਉਹ ਇੱਜ਼ਤ ਨਹੀਂ ਮਿਲਦੀ ਜਿਸ ਦੀ ਇਹ ਹੱਕਦਾਰ ਹੈ। ਨੌਜਵਾਨ ਖੇਤੀ ਛੱਡ ਕੇ ਵਿਦੇਸ਼ਾਂ ਵੱਲ ਦੌੜ ਰਹੇ ਹਨ। ਵਧਦੀਆਂ ਲਾਗਤਾਂ, ਫ਼ਸਲਾਂ ਦੇ ਘੱਟ ਭਾਅ ਅਤੇ ਕਰਜ਼ੇ ਦੇ ਬੋਝ ਨੇ ਕਿਸਾਨੀ ਨੂੰ ਸੰਕਟ ਵਿੱਚ ਪਾ ਦਿੱਤਾ ਹੈ। ਸਰਕਾਰਾਂ ਨੂੰ ਖੇਤੀਬਾੜੀ ਨੂੰ ਲਾਹੇਵੰਦ ਧੰਦਾ ਬਣਾਉਣ ਲਈ ਠੋਸ ਨੀਤੀਆਂ ਬਣਾਉਣੀਆਂ ਚਾਹੀਦੀਆਂ ਹਨ ਤਾਂ ਜੋ ਕਿਸਾਨ ਮਾਣ ਨਾਲ ਜੀਵਨ ਬਤੀਤ ਕਰ ਸਕੇ। ਖੇਤੀ ਨੂੰ ਆਧੁਨਿਕ ਤਕਨੀਕਾਂ ਨਾਲ ਜੋੜ ਕੇ ਅਤੇ ਫ਼ਸਲੀ ਵਿਭਿੰਨਤਾ ਅਪਣਾ ਕੇ ਕਿਸਾਨਾਂ ਦੀ ਆਮਦਨ ਵਧਾਈ ਜਾ ਸਕਦੀ ਹੈ। ਸਮਾਜ ਨੂੰ ਵੀ ਕਿਸਾਨ ਪ੍ਰਤੀ ਆਪਣਾ ਨਜ਼ਰੀਆ ਬਦਲਣਾ ਪਵੇਗਾ।

ਕਿਸਾਨ ਦੇਸ਼ ਦਾ ਅੰਨਦਾਤਾ ਹੈ ਪਰ ਅੱਜ ਵੀ ਖੇਤੀਬਾੜੀ ਨੂੰ ਸਮਾਜ ਵਿੱਚ ਉਹ ਇੱਜ਼ਤ ਨਹੀਂ ਮਿਲਦੀ ਜਿਸ ਦੀ ਇਹ ਹੱਕਦਾਰ ਹੈ। ਨੌਜਵਾਨ ਖੇਤੀ ਛੱਡ ਕੇ ਵਿਦੇਸ਼ਾਂ ਵੱਲ ਦੌੜ ਰਹੇ ਹਨ। ਵਧਦੀਆਂ ਲਾਗਤਾਂ, ਫ਼ਸਲਾਂ ਦੇ ਘੱਟ ਭਾਅ ਅਤੇ ਕਰਜ਼ੇ ਦੇ ਬੋਝ ਨੇ ਕਿਸਾਨੀ ਨੂੰ ਸੰਕਟ ਵਿੱਚ ਪਾ ਦਿੱਤਾ ਹੈ। ਸਰਕਾਰਾਂ ਨੂੰ ਖੇਤੀਬਾੜੀ ਨੂੰ ਲਾਹੇਵੰਦ ਧੰਦਾ ਬਣਾਉਣ ਲਈ ਠੋਸ ਨੀਤੀਆਂ ਬਣਾਉਣੀਆਂ ਚਾਹੀਦੀਆਂ ਹਨ ਤਾਂ ਜੋ ਕਿਸਾਨ ਮਾਣ ਨਾਲ ਜੀਵਨ ਬਤੀਤ ਕਰ ਸਕੇ। ਖੇਤੀ ਨੂੰ ਆਧੁਨਿਕ ਤਕਨੀਕਾਂ ਨਾਲ ਜੋੜ ਕੇ ਅਤੇ ਫ਼ਸਲੀ ਵਿਭਿੰਨਤਾ ਅਪਣਾ ਕੇ ਕਿਸਾਨਾਂ ਦੀ ਆਮਦਨ ਵਧਾਈ ਜਾ ਸਕਦੀ ਹੈ। ਸਮਾਜ ਨੂੰ ਵੀ ਕਿਸਾਨ ਪ੍ਰਤੀ ਆਪਣਾ ਨਜ਼ਰੀਆ ਬਦਲਣਾ ਪਵੇਗਾ।
